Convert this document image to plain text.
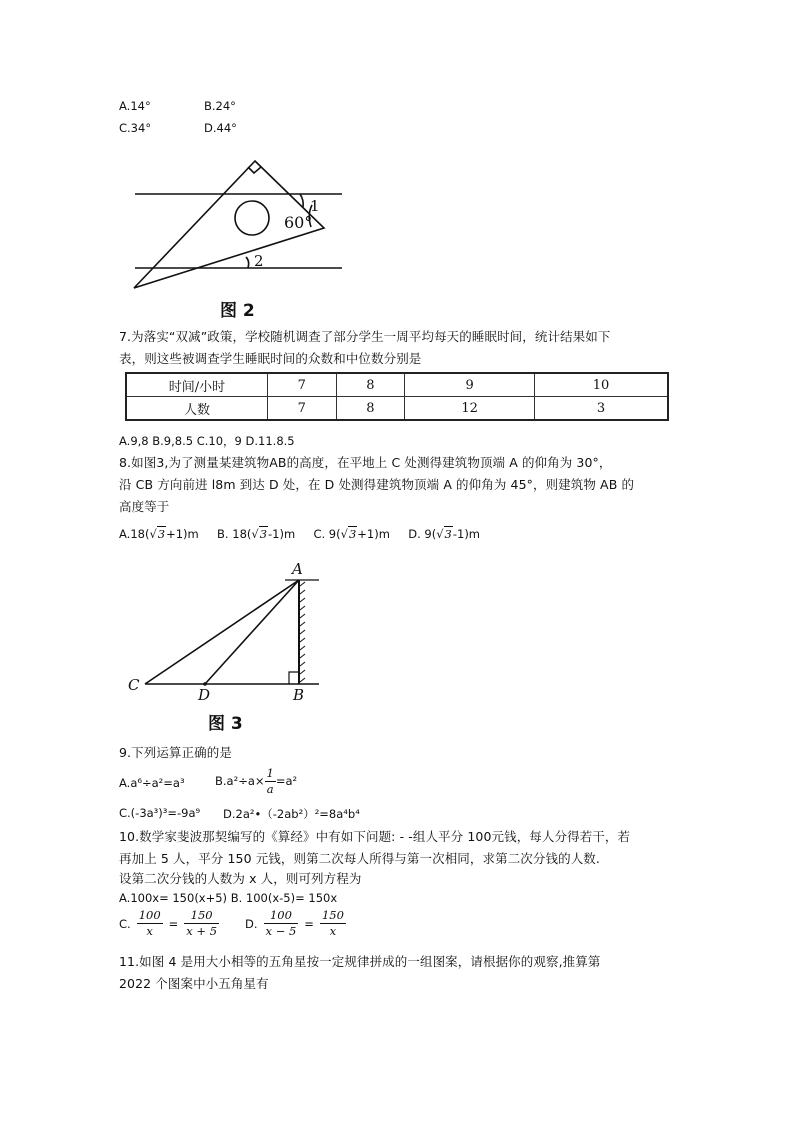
A.14°	B.24°
C.34°	D.44°
60°
1
2
图 2
7.为落实“双减”政策，学校随机调查了部分学生一周平均每天的睡眠时间，统计结果如下
表，则这些被调查学生睡眠时间的众数和中位数分别是
时间/小时	7	8	9	10
人数	7	8	12	3
A.9,8 B.9,8.5 C.10，9 D.11.8.5
8.如图3,为了测量某建筑物AB的高度，在平地上 C 处测得建筑物顶端 A 的仰角为 30°，
沿 CB 方向前进 l8m 到达 D 处，在 D 处测得建筑物顶端 A 的仰角为 45°，则建筑物 AB 的
高度等于
A.18(√3+1)m B. 18(√3-1)m C. 9(√3+1)m D. 9(√3-1)m
A
B
C
D
图 3
9.下列运算正确的是
A.a⁶÷a²=a³	$B.a^2\div a\times \frac{1}{a} =a^2$
C.(-3a³)³=-9a⁹ D.2a²•（-2ab²）²=8a⁴b⁴
10.数学家斐波那契编写的《算经》中有如下问题: - -组人平分 100元钱，每人分得若干，若
再加上 5 人，平分 150 元钱，则第二次每人所得与第一次相同，求第二次分钱的人数.
设第二次分钱的人数为 x 人，则可列方程为
A.100x= 150(x+5) B. 100(x-5)= 150x
C. $\frac{100}{x} = \frac{150}{x + 5} D$. $\frac{100}{x - 5} = \frac{150}{x}$
11.如图 4 是用大小相等的五角星按一定规律拼成的一组图案，请根据你的观察,推算第
2022 个图案中小五角星有
